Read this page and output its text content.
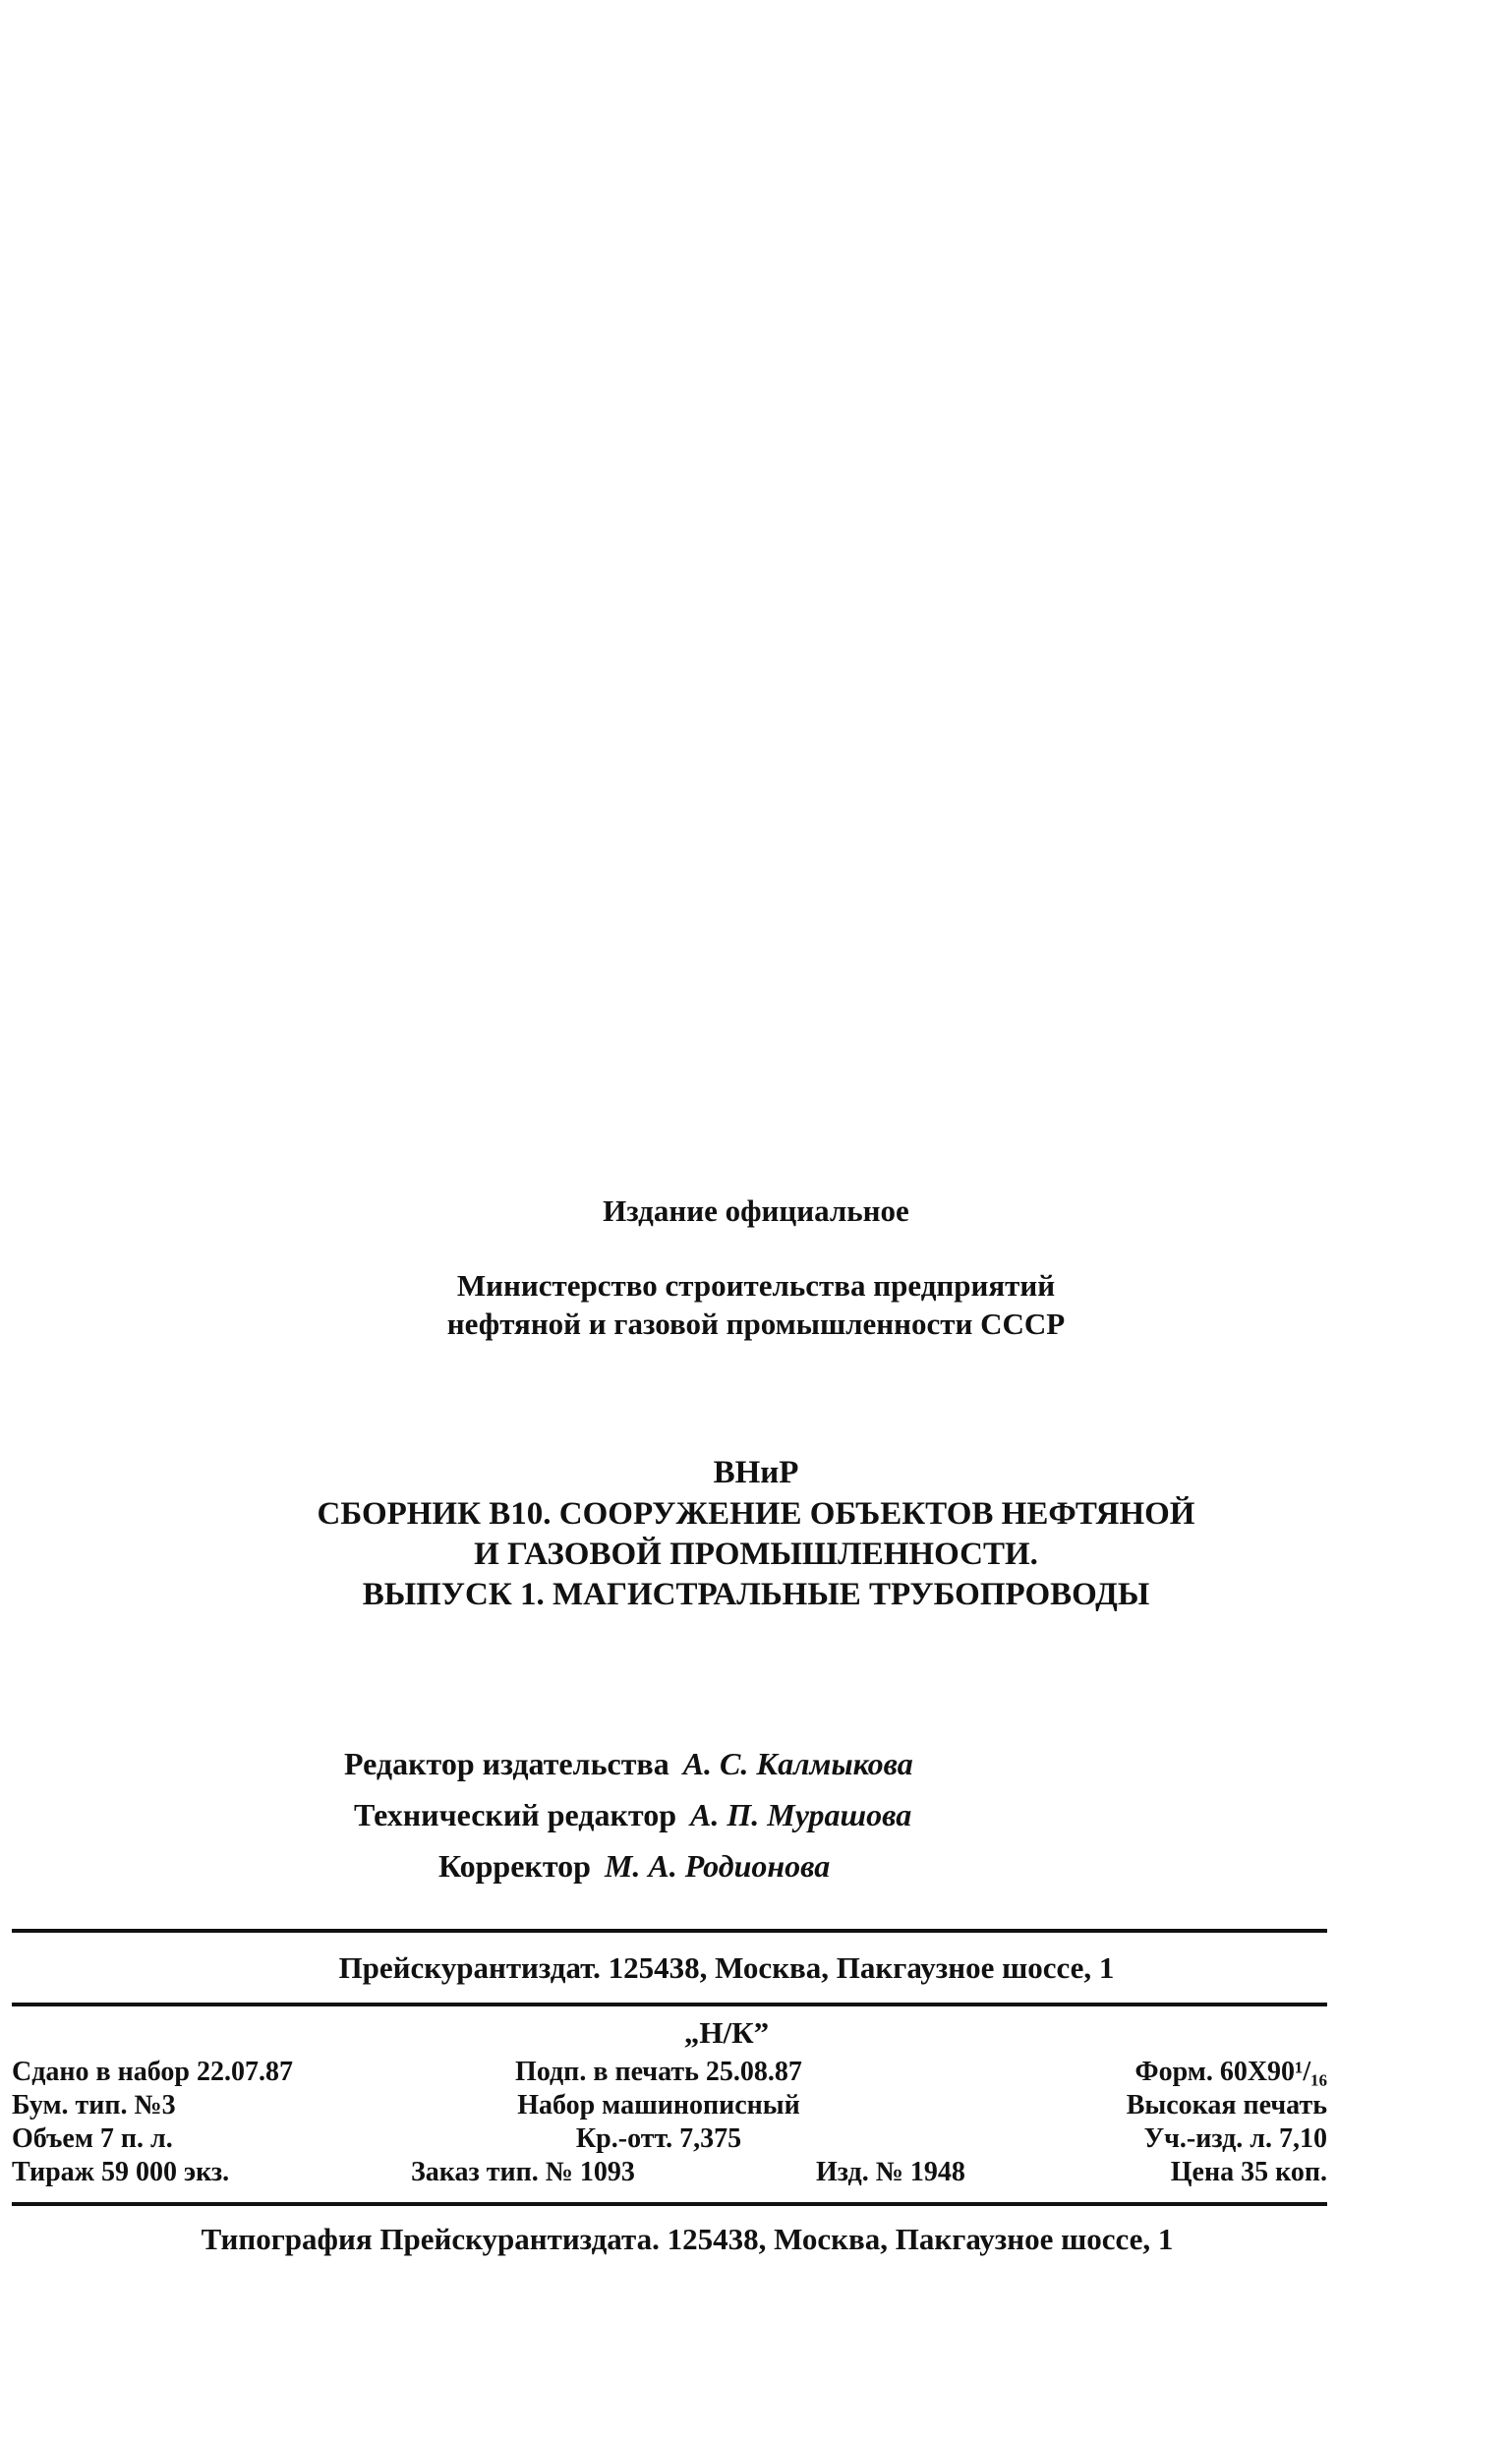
Издание официальное
Министерство строительства предприятий
нефтяной и газовой промышленности СССР
ВНиР
СБОРНИК В10. СООРУЖЕНИЕ ОБЪЕКТОВ НЕФТЯНОЙ
И ГАЗОВОЙ ПРОМЫШЛЕННОСТИ.
ВЫПУСК 1. МАГИСТРАЛЬНЫЕ ТРУБОПРОВОДЫ
Редактор издательства А. С. Калмыкова
Технический редактор А. П. Мурашова
Корректор М. А. Родионова
Прейскурантиздат. 125438, Москва, Пакгаузное шоссе, 1
„Н/К”
Сдано в набор 22.07.87	Подп. в печать 25.08.87	Форм. 60Х90¹/₁₆
Бум. тип. №3	Набор машинописный	Высокая печать
Объем 7 п. л.	Кр.-отт. 7,375	Уч.-изд. л. 7,10
Тираж 59 000 экз.	Заказ тип. № 1093	Изд. № 1948	Цена 35 коп.
Типография Прейскурантиздата. 125438, Москва, Пакгаузное шоссе, 1
